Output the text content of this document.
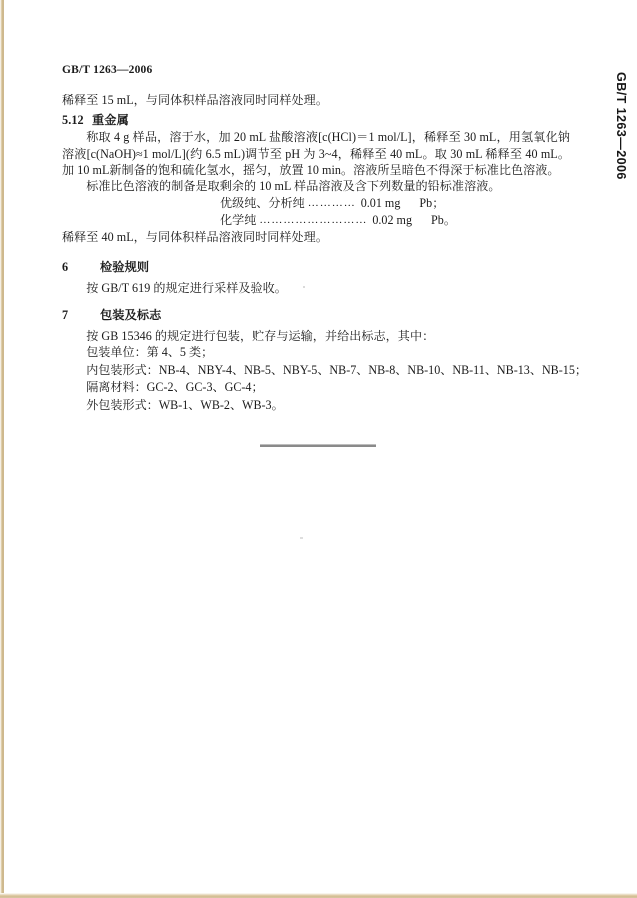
GB/T 1263—2006

稀释至 15 mL，与同体积样品溶液同时同样处理。

5.12 重金属

称取 4 g 样品，溶于水，加 20 mL 盐酸溶液[c(HCl)＝1 mol/L]，稀释至 30 mL，用氢氧化钠溶液[c(NaOH)≈1 mol/L](约 6.5 mL)调节至 pH 为 3~4，稀释至 40 mL。取 30 mL 稀释至 40 mL。加 10 mL新制备的饱和硫化氢水，摇匀，放置 10 min。溶液所呈暗色不得深于标准比色溶液。

标准比色溶液的制备是取剩余的 10 mL 样品溶液及含下列数量的铅标准溶液。

优级纯、分析纯 ………… 0.01 mg Pb；

化学纯 ……………………… 0.02 mg Pb。

稀释至 40 mL，与同体积样品溶液同时同样处理。

6	检验规则

按 GB/T 619 的规定进行采样及验收。

7	包装及标志

按 GB 15346 的规定进行包装，贮存与运输，并给出标志，其中：

包装单位：第 4、5 类；

内包装形式：NB-4、NBY-4、NB-5、NBY-5、NB-7、NB-8、NB-10、NB-11、NB-13、NB-15；

隔离材料：GC-2、GC-3、GC-4；

外包装形式：WB-1、WB-2、WB-3。

GB/T 1263—2006
